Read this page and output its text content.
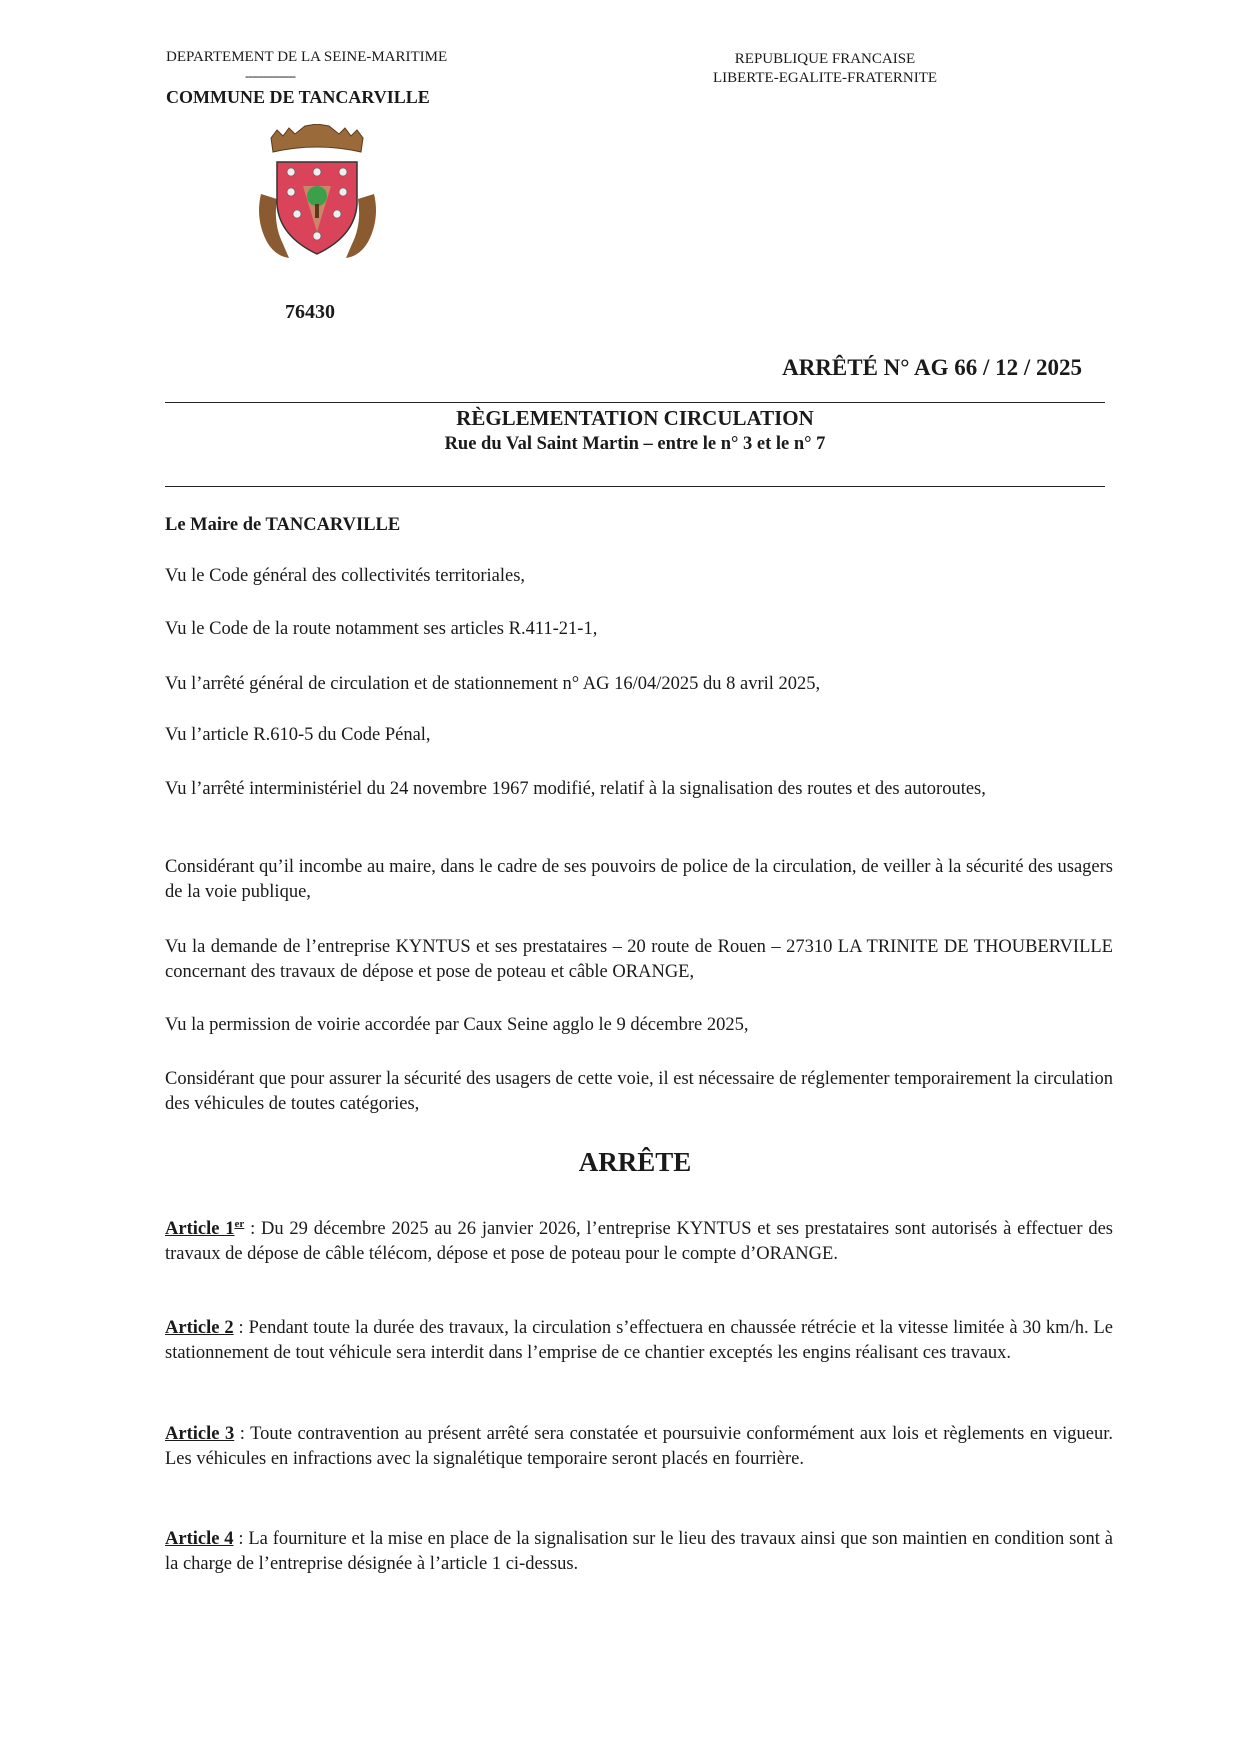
DEPARTEMENT DE LA SEINE-MARITIME
---------------
COMMUNE DE TANCARVILLE
REPUBLIQUE FRANCAISE
LIBERTE-EGALITE-FRATERNITE
76430
ARRÊTÉ N° AG 66 / 12 / 2025
RÈGLEMENTATION CIRCULATION
Rue du Val Saint Martin – entre le n° 3 et le n° 7
Le Maire de TANCARVILLE
Vu le Code général des collectivités territoriales,
Vu le Code de la route notamment ses articles R.411-21-1,
Vu l’arrêté général de circulation et de stationnement n° AG 16/04/2025 du 8 avril 2025,
Vu l’article R.610-5 du Code Pénal,
Vu l’arrêté interministériel du 24 novembre 1967 modifié, relatif à la signalisation des routes et des autoroutes,
Considérant qu’il incombe au maire, dans le cadre de ses pouvoirs de police de la circulation, de veiller à la sécurité des usagers de la voie publique,
Vu la demande de l’entreprise KYNTUS et ses prestataires – 20 route de Rouen – 27310 LA TRINITE DE THOUBERVILLE concernant des travaux de dépose et pose de poteau et câble ORANGE,
Vu la permission de voirie accordée par Caux Seine agglo le 9 décembre 2025,
Considérant que pour assurer la sécurité des usagers de cette voie, il est nécessaire de réglementer temporairement la circulation des véhicules de toutes catégories,
ARRÊTE
Article 1er : Du 29 décembre 2025 au 26 janvier 2026, l’entreprise KYNTUS et ses prestataires sont autorisés à effectuer des travaux de dépose de câble télécom, dépose et pose de poteau pour le compte d’ORANGE.
Article 2 : Pendant toute la durée des travaux, la circulation s’effectuera en chaussée rétrécie et la vitesse limitée à 30 km/h. Le stationnement de tout véhicule sera interdit dans l’emprise de ce chantier exceptés les engins réalisant ces travaux.
Article 3 : Toute contravention au présent arrêté sera constatée et poursuivie conformément aux lois et règlements en vigueur. Les véhicules en infractions avec la signalétique temporaire seront placés en fourrière.
Article 4 : La fourniture et la mise en place de la signalisation sur le lieu des travaux ainsi que son maintien en condition sont à la charge de l’entreprise désignée à l’article 1 ci-dessus.
